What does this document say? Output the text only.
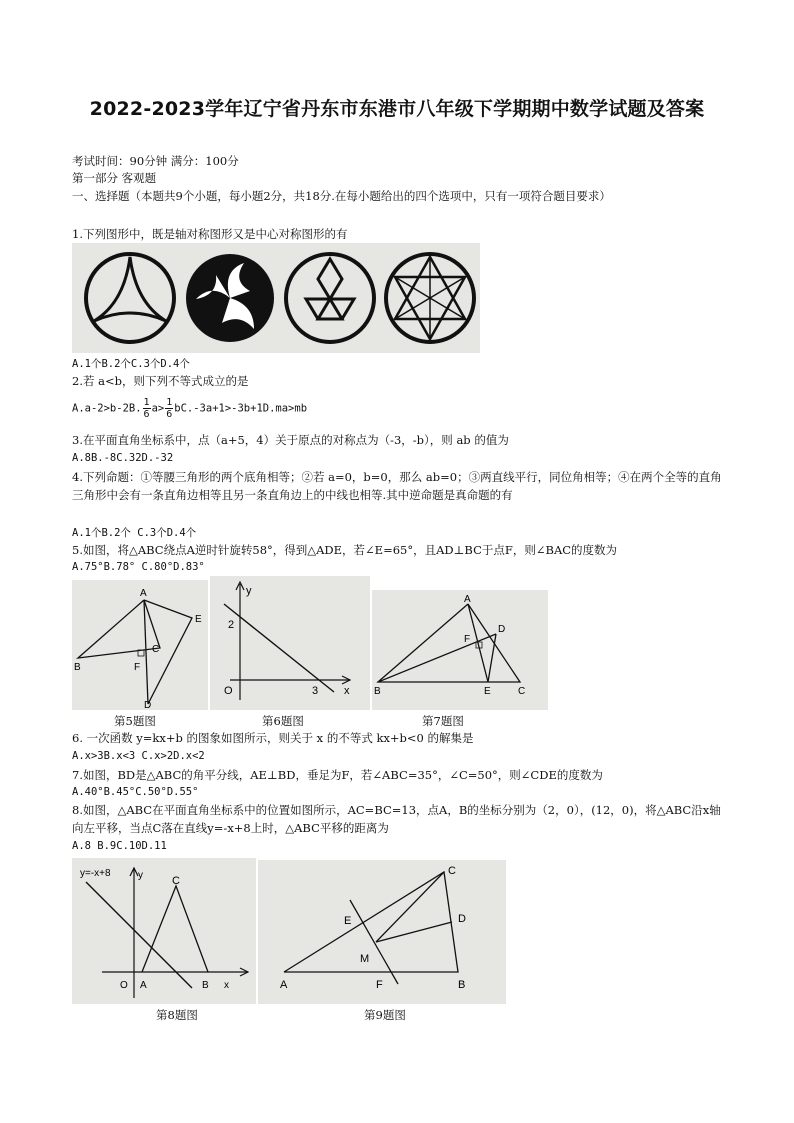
2022-2023学年辽宁省丹东市东港市八年级下学期期中数学试题及答案
考试时间：90分钟 满分：100分
第一部分 客观题
一、选择题（本题共9个小题，每小题2分，共18分.在每小题给出的四个选项中，只有一项符合题目要求）
1.下列图形中，既是轴对称图形又是中心对称图形的有
A.1个B.2个C.3个D.4个
2.若 a<b，则下列不等式成立的是
A.a-2>b-2B. $\frac{1}{6} a> \frac{1}{6} bC.-3a+1>-3b+1D.ma>mb$
3.在平面直角坐标系中，点（a+5，4）关于原点的对称点为（-3，-b），则 ab 的值为
A.8B.-8C.32D.-32
4.下列命题：①等腰三角形的两个底角相等；②若 a=0，b=0，那么 ab=0；③两直线平行，同位角相等；④在两个全等的直角三角形中会有一条直角边相等且另一条直角边上的中线也相等.其中逆命题是真命题的有
A.1个B.2个 C.3个D.4个
5.如图，将△ABC绕点A逆时针旋转58°，得到△ADE，若∠E=65°，且AD⊥BC于点F，则∠BAC的度数为
A.75°B.78° C.80°D.83°
A
E
B
C
F
D
y
2
O	3 x
A
D
F
B	E	C
第5题图	第6题图	第7题图
6. 一次函数 y=kx+b 的图象如图所示，则关于 x 的不等式 kx+b<0 的解集是
A.x>3B.x<3 C.x>2D.x<2
7.如图，BD是△ABC的角平分线，AE⊥BD，垂足为F，若∠ABC=35°，∠C=50°，则∠CDE的度数为
A.40°B.45°C.50°D.55°
8.如图，△ABC在平面直角坐标系中的位置如图所示，AC=BC=13，点A，B的坐标分别为（2，0），(12，0)，将△ABC沿x轴向左平移，当点C落在直线y=-x+8上时，△ABC平移的距离为
A.8 B.9C.10D.11
y=-x+8	y	C
O A	B x
C
E	D
M
A	F	B
第8题图	第9题图
